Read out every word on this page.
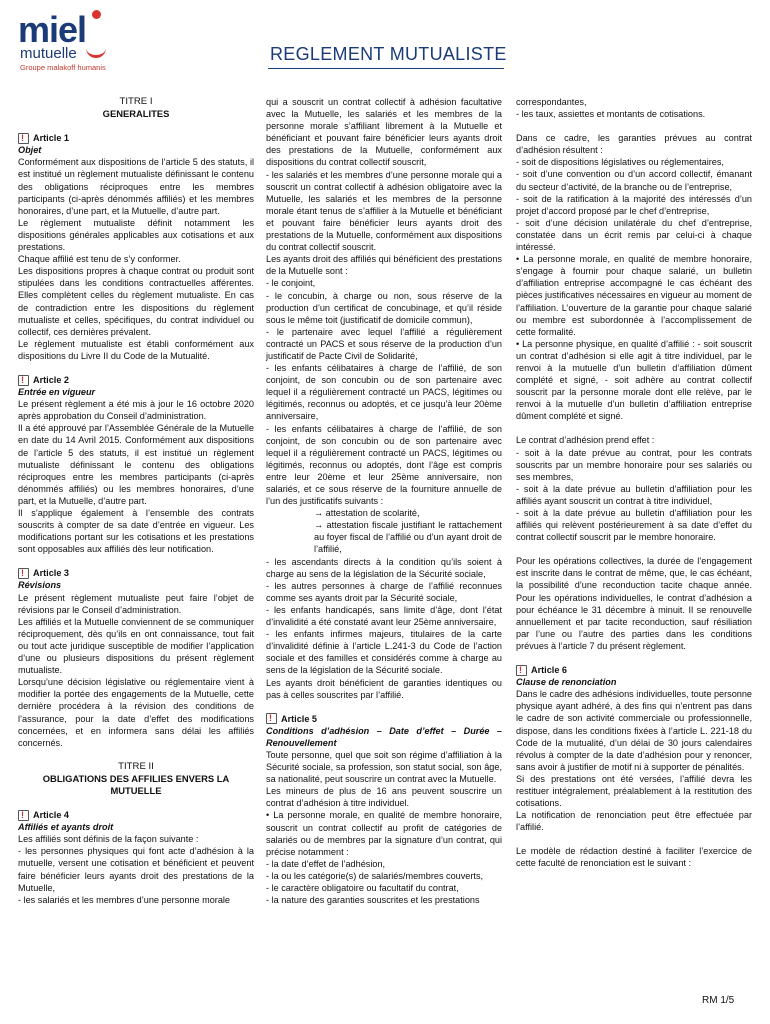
miel
mutuelle
Groupe malakoff humanis
REGLEMENT MUTUALISTE

TITRE I

GENERALITES

!
Article 1

Objet

Conformément aux dispositions de l’article 5 des statuts, il est institué un règlement mutualiste définissant le contenu des obligations réciproques entre les membres participants (ci-après dénommés affiliés) et les membres honoraires, d’une part, et la Mutuelle, d’autre part.

Le règlement mutualiste définit notamment les dispositions générales applicables aux cotisations et aux prestations.

Chaque affilié est tenu de s’y conformer.

Les dispositions propres à chaque contrat ou produit sont stipulées dans les conditions contractuelles afférentes. Elles complètent celles du règlement mutualiste. En cas de contradiction entre les dispositions du règlement mutualiste et celles, spécifiques, du contrat individuel ou collectif, ces dernières prévalent.

Le règlement mutualiste est établi conformément aux dispositions du Livre II du Code de la Mutualité.

!
Article 2

Entrée en vigueur

Le présent règlement a été mis à jour le 16 octobre 2020 après approbation du Conseil d’administration.

Il a été approuvé par l’Assemblée Générale de la Mutuelle en date du 14 Avril 2015. Conformément aux dispositions de l’article 5 des statuts, il est institué un règlement mutualiste définissant le contenu des obligations réciproques entre les membres participants (ci-après dénommés affiliés) ou les membres honoraires, d’une part, et la Mutuelle, d’autre part.

Il s’applique également à l’ensemble des contrats souscrits à compter de sa date d’entrée en vigueur. Les modifications portant sur les cotisations et les prestations sont opposables aux affiliés dès leur notification.

!
Article 3

Révisions

Le présent règlement mutualiste peut faire l’objet de révisions par le Conseil d’administration.

Les affiliés et la Mutuelle conviennent de se communiquer réciproquement, dès qu’ils en ont connaissance, tout fait ou tout acte juridique susceptible de modifier l’application d’une ou plusieurs dispositions du présent règlement mutualiste.

Lorsqu’une décision législative ou réglementaire vient à modifier la portée des engagements de la Mutuelle, cette dernière procédera à la révision des conditions de l’assurance, pour la date d’effet des modifications concernées, et en informera sans délai les affiliés concernés.

TITRE II

OBLIGATIONS DES AFFILIES ENVERS LA MUTUELLE

!
Article 4

Affiliés et ayants droit

Les affiliés sont définis de la façon suivante :

- les personnes physiques qui font acte d’adhésion à la mutuelle, versent une cotisation et bénéficient et peuvent faire bénéficier leurs ayants droit des prestations de la Mutuelle,

- les salariés et les membres d’une personne morale

qui a souscrit un contrat collectif à adhésion facultative avec la Mutuelle, les salariés et les membres de la personne morale s’affiliant librement à la Mutuelle et bénéficiant et pouvant faire bénéficier leurs ayants droit des prestations de la Mutuelle, conformément aux dispositions du contrat collectif souscrit,

- les salariés et les membres d’une personne morale qui a souscrit un contrat collectif à adhésion obligatoire avec la Mutuelle, les salariés et les membres de la personne morale étant tenus de s’affilier à la Mutuelle et bénéficiant et pouvant faire bénéficier leurs ayants droit des prestations de la Mutuelle, conformément aux dispositions du contrat collectif souscrit.

Les ayants droit des affiliés qui bénéficient des prestations de la Mutuelle sont :

- le conjoint,

- le concubin, à charge ou non, sous réserve de la production d’un certificat de concubinage, et qu’il réside sous le même toit (justificatif de domicile commun),

- le partenaire avec lequel l’affilié a régulièrement contracté un PACS et sous réserve de la production d’un justificatif de Pacte Civil de Solidarité,

- les enfants célibataires à charge de l’affilié, de son conjoint, de son concubin ou de son partenaire avec lequel il a régulièrement contracté un PACS, légitimes ou légitimés, reconnus ou adoptés, et ce jusqu’à leur 20ème anniversaire,

- les enfants célibataires à charge de l’affilié, de son conjoint, de son concubin ou de son partenaire avec lequel il a régulièrement contracté un PACS, légitimes ou légitimés, reconnus ou adoptés, dont l’âge est compris entre leur 20ème et leur 25ème anniversaire, non salariés, et ce sous réserve de la fourniture annuelle de l’un des justificatifs suivants :

→ attestation de scolarité,

→ attestation fiscale justifiant le rattachement au foyer fiscal de l’affilié ou d’un ayant droit de l’affilié,

- les ascendants directs à la condition qu’ils soient à charge au sens de la législation de la Sécurité sociale,

- les autres personnes à charge de l’affilié reconnues comme ses ayants droit par la Sécurité sociale,

- les enfants handicapés, sans limite d’âge, dont l’état d’invalidité a été constaté avant leur 25ème anniversaire,

- les enfants infirmes majeurs, titulaires de la carte d’invalidité définie à l’article L.241-3 du Code de l’action sociale et des familles et considérés comme à charge au sens de la législation de la Sécurité sociale.

Les ayants droit bénéficient de garanties identiques ou pas à celles souscrites par l’affilié.

!
Article 5

Conditions d’adhésion – Date d’effet – Durée – Renouvellement

Toute personne, quel que soit son régime d’affiliation à la Sécurité sociale, sa profession, son statut social, son âge, sa nationalité, peut souscrire un contrat avec la Mutuelle.

Les mineurs de plus de 16 ans peuvent souscrire un contrat d’adhésion à titre individuel.

• La personne morale, en qualité de membre honoraire, souscrit un contrat collectif au profit de catégories de salariés ou de membres par la signature d’un contrat, qui précise notamment :

- la date d’effet de l’adhésion,

- la ou les catégorie(s) de salariés/membres couverts,

- le caractère obligatoire ou facultatif du contrat,

- la nature des garanties souscrites et les prestations

correspondantes,

- les taux, assiettes et montants de cotisations.

Dans ce cadre, les garanties prévues au contrat d’adhésion résultent :

- soit de dispositions législatives ou réglementaires,

- soit d’une convention ou d’un accord collectif, émanant du secteur d’activité, de la branche ou de l’entreprise,

- soit de la ratification à la majorité des intéressés d’un projet d’accord proposé par le chef d’entreprise,

- soit d’une décision unilatérale du chef d’entreprise, constatée dans un écrit remis par celui-ci à chaque intéressé.

• La personne morale, en qualité de membre honoraire, s’engage à fournir pour chaque salarié, un bulletin d’affiliation entreprise accompagné le cas échéant des pièces justificatives nécessaires en vigueur au moment de l’affiliation. L’ouverture de la garantie pour chaque salarié ou membre est subordonnée à l’accomplissement de cette formalité.

• La personne physique, en qualité d’affilié : - soit souscrit un contrat d’adhésion si elle agit à titre individuel, par le renvoi à la mutuelle d’un bulletin d’affiliation dûment complété et signé, - soit adhère au contrat collectif souscrit par la personne morale dont elle relève, par le renvoi à la mutuelle d’un bulletin d’affiliation entreprise dûment complété et signé.

Le contrat d’adhésion prend effet :

- soit à la date prévue au contrat, pour les contrats souscrits par un membre honoraire pour ses salariés ou ses membres,

- soit à la date prévue au bulletin d’affiliation pour les affiliés ayant souscrit un contrat à titre individuel,

- soit à la date prévue au bulletin d’affiliation pour les affiliés qui relèvent postérieurement à sa date d’effet du contrat collectif souscrit par le membre honoraire.

Pour les opérations collectives, la durée de l’engagement est inscrite dans le contrat de même, que, le cas échéant, la possibilité d’une reconduction tacite chaque année. Pour les opérations individuelles, le contrat d’adhésion a pour échéance le 31 décembre à minuit. Il se renouvelle annuellement et par tacite reconduction, sauf résiliation par l’une ou l’autre des parties dans les conditions prévues à l’article 7 du présent règlement.

!
Article 6

Clause de renonciation

Dans le cadre des adhésions individuelles, toute personne physique ayant adhéré, à des fins qui n’entrent pas dans le cadre de son activité commerciale ou professionnelle, dispose, dans les conditions fixées à l’article L. 221-18 du Code de la mutualité, d’un délai de 30 jours calendaires révolus à compter de la date d’adhésion pour y renoncer, sans avoir à justifier de motif ni à supporter de pénalités.

Si des prestations ont été versées, l’affilié devra les restituer intégralement, préalablement à la restitution des cotisations.

La notification de renonciation peut être effectuée par l’affilié.

Le modèle de rédaction destiné à faciliter l’exercice de cette faculté de renonciation est le suivant :

RM 1/5
